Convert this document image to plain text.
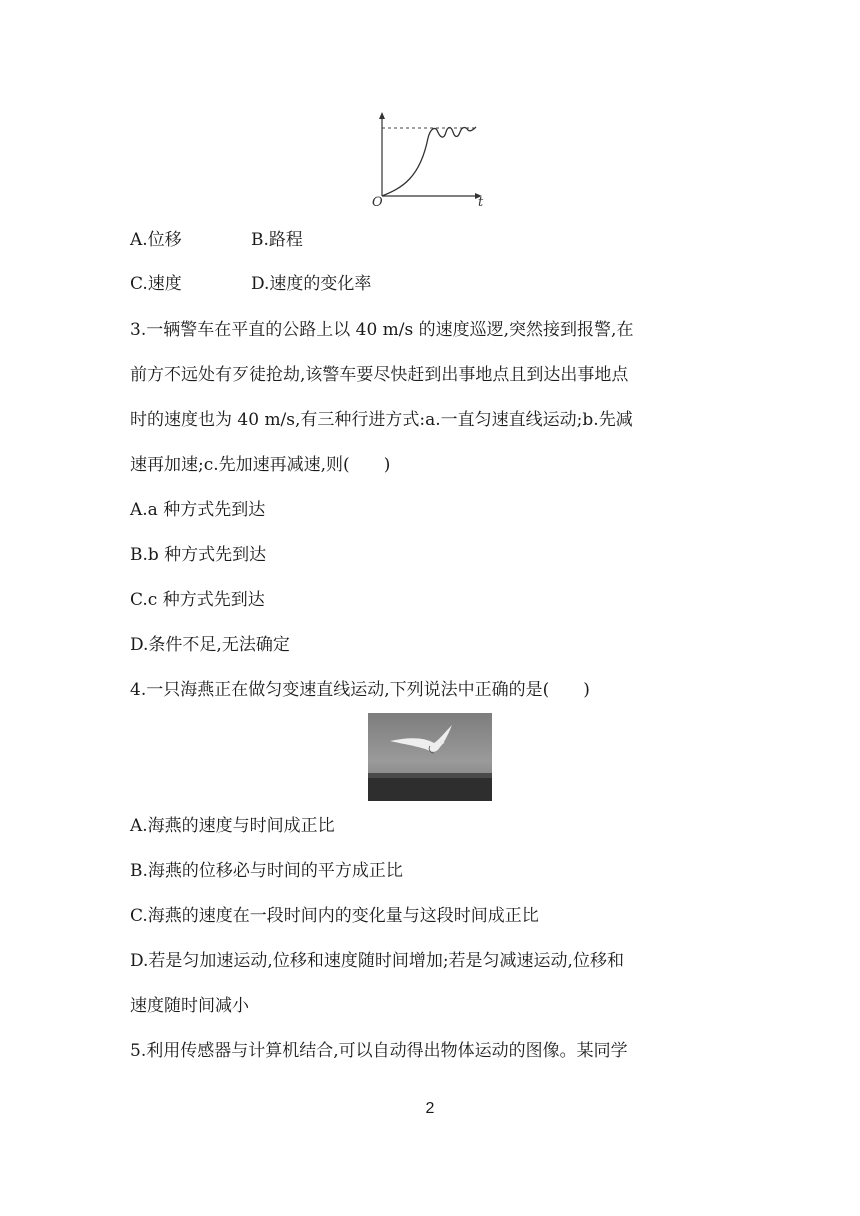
O	t
A.位移	B.路程
C.速度	D.速度的变化率
3.一辆警车在平直的公路上以 40 m/s 的速度巡逻,突然接到报警,在
前方不远处有歹徒抢劫,该警车要尽快赶到出事地点且到达出事地点
时的速度也为 40 m/s,有三种行进方式:a.一直匀速直线运动;b.先减
速再加速;c.先加速再减速,则(　　)
A.a 种方式先到达
B.b 种方式先到达
C.c 种方式先到达
D.条件不足,无法确定
4.一只海燕正在做匀变速直线运动,下列说法中正确的是(　　)
A.海燕的速度与时间成正比
B.海燕的位移必与时间的平方成正比
C.海燕的速度在一段时间内的变化量与这段时间成正比
D.若是匀加速运动,位移和速度随时间增加;若是匀减速运动,位移和
速度随时间减小
5.利用传感器与计算机结合,可以自动得出物体运动的图像。某同学
2
